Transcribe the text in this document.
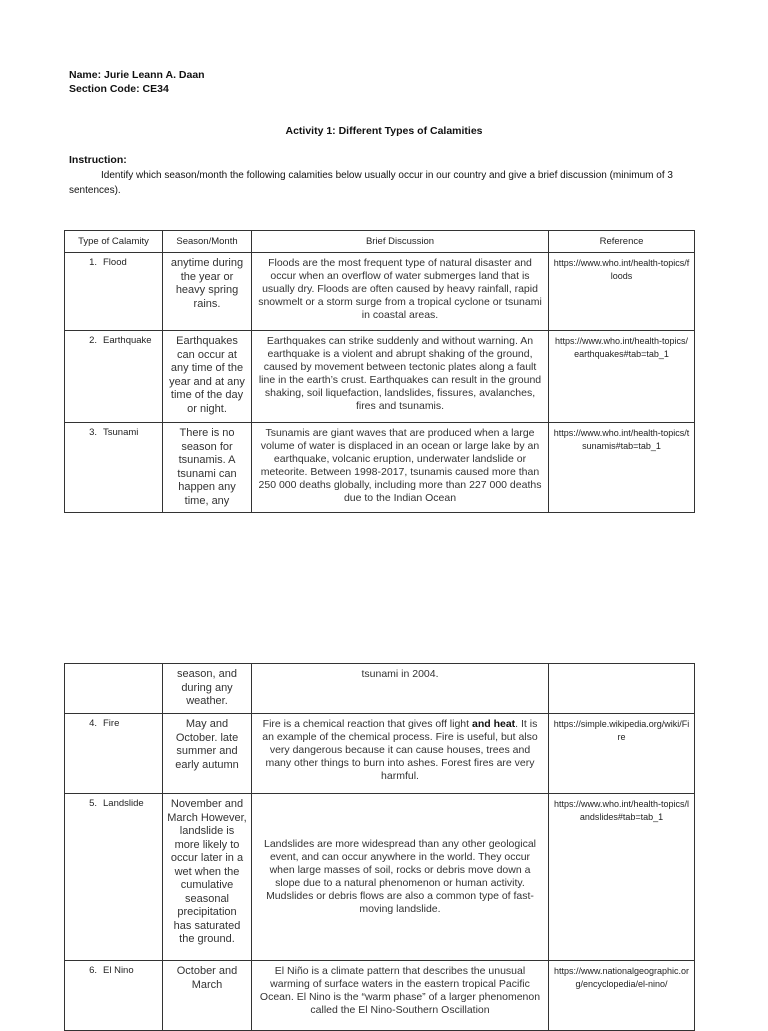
Name: Jurie Leann A. Daan
Section Code: CE34
Activity 1: Different Types of Calamities
Instruction:
Identify which season/month the following calamities below usually occur in our country and give a brief discussion (minimum of 3 sentences).
Type of Calamity	Season/Month	Brief Discussion	Reference
1. Flood	anytime during the year or heavy spring rains.	Floods are the most frequent type of natural disaster and occur when an overflow of water submerges land that is usually dry. Floods are often caused by heavy rainfall, rapid snowmelt or a storm surge from a tropical cyclone or tsunami in coastal areas.	https://www.who.int/health-topics/floods
2. Earthquake	Earthquakes can occur at any time of the year and at any time of the day or night.	Earthquakes can strike suddenly and without warning. An earthquake is a violent and abrupt shaking of the ground, caused by movement between tectonic plates along a fault line in the earth’s crust. Earthquakes can result in the ground shaking, soil liquefaction, landslides, fissures, avalanches, fires and tsunamis.	https://www.who.int/health-topics/earthquakes#tab=tab_1
3. Tsunami	There is no season for tsunamis. A tsunami can happen any time, any	Tsunamis are giant waves that are produced when a large volume of water is displaced in an ocean or large lake by an earthquake, volcanic eruption, underwater landslide or meteorite. Between 1998-2017, tsunamis caused more than 250 000 deaths globally, including more than 227 000 deaths due to the Indian Ocean	https://www.who.int/health-topics/tsunamis#tab=tab_1
	season, and during any weather.	tsunami in 2004.	
4. Fire	May and October. late summer and early autumn	Fire is a chemical reaction that gives off light and heat. It is an example of the chemical process. Fire is useful, but also very dangerous because it can cause houses, trees and many other things to burn into ashes. Forest fires are very harmful.	https://simple.wikipedia.org/wiki/Fire
5. Landslide	November and March However, landslide is more likely to occur later in a wet when the cumulative seasonal precipitation has saturated the ground.	Landslides are more widespread than any other geological event, and can occur anywhere in the world. They occur when large masses of soil, rocks or debris move down a slope due to a natural phenomenon or human activity. Mudslides or debris flows are also a common type of fast-moving landslide.	https://www.who.int/health-topics/landslides#tab=tab_1
6. El Nino	October and March	El Niño is a climate pattern that describes the unusual warming of surface waters in the eastern tropical Pacific Ocean. El Nino is the “warm phase” of a larger phenomenon called the El Nino-Southern Oscillation	https://www.nationalgeographic.org/encyclopedia/el-nino/
